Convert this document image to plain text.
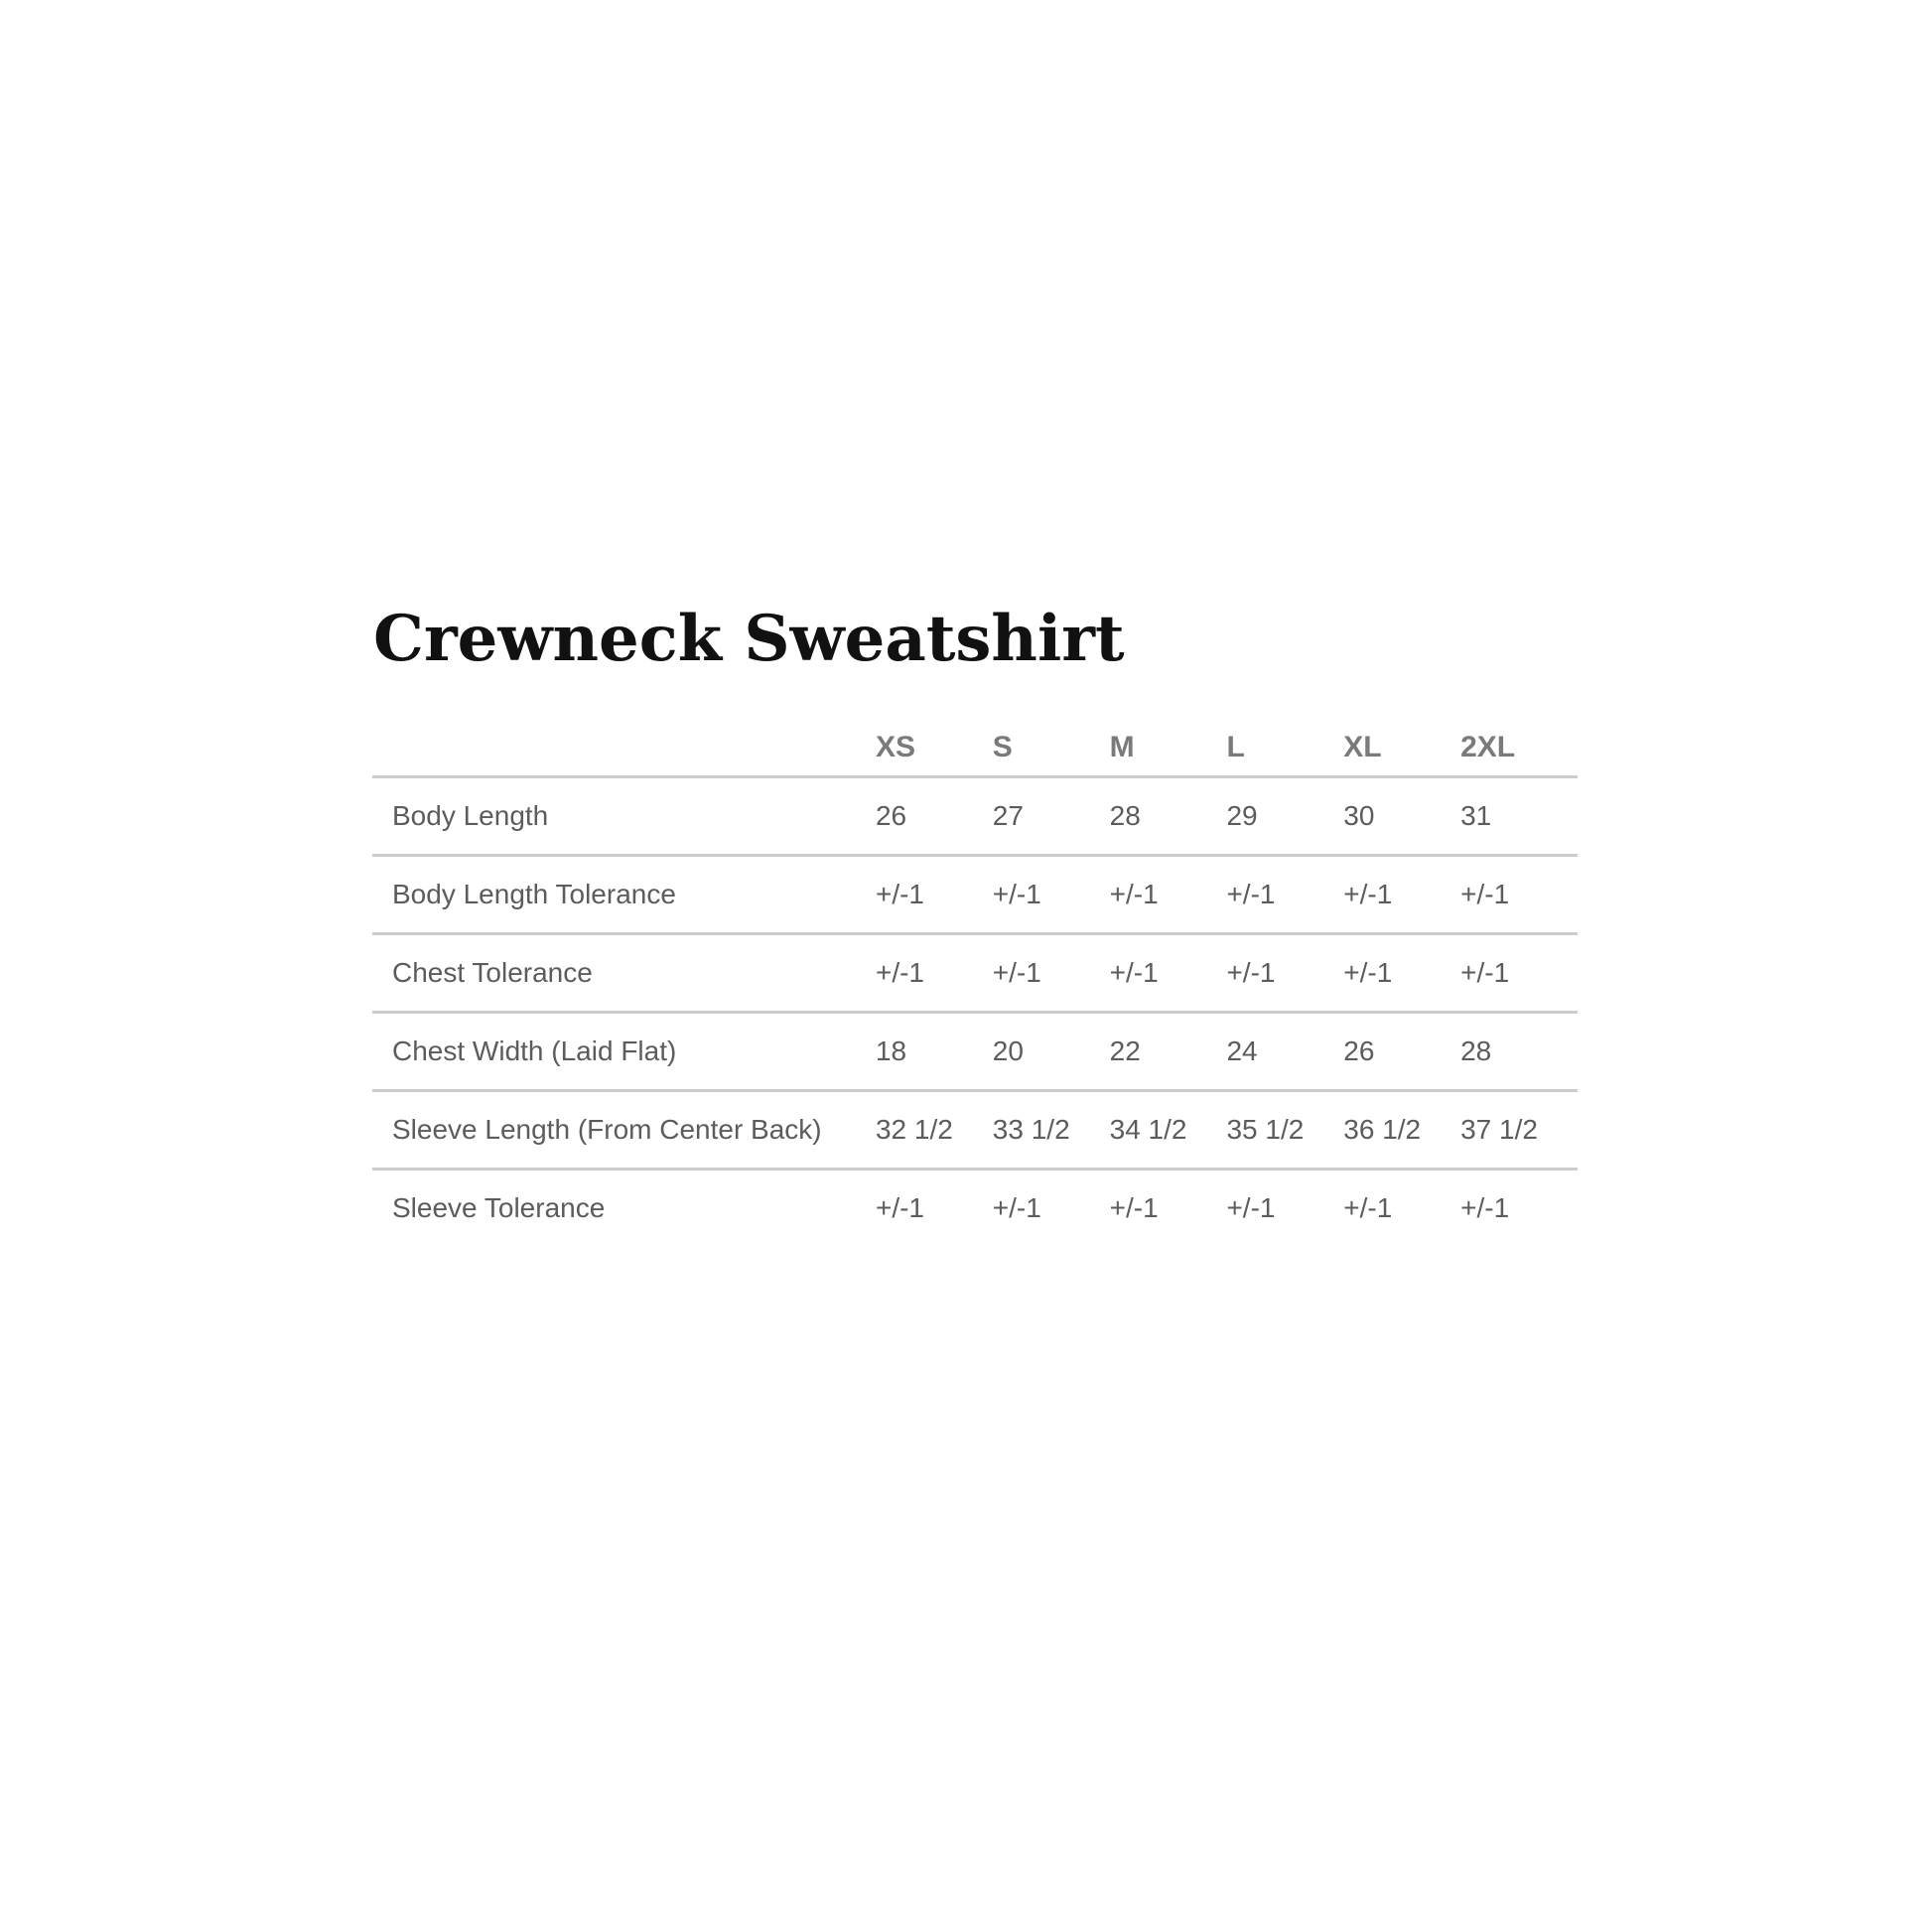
Crewneck Sweatshirt
	XS	S	M	L	XL	2XL
Body Length	26	27	28	29	30	31
Body Length Tolerance	+/-1	+/-1	+/-1	+/-1	+/-1	+/-1
Chest Tolerance	+/-1	+/-1	+/-1	+/-1	+/-1	+/-1
Chest Width (Laid Flat)	18	20	22	24	26	28
Sleeve Length (From Center Back)	32 1/2	33 1/2	34 1/2	35 1/2	36 1/2	37 1/2
Sleeve Tolerance	+/-1	+/-1	+/-1	+/-1	+/-1	+/-1
